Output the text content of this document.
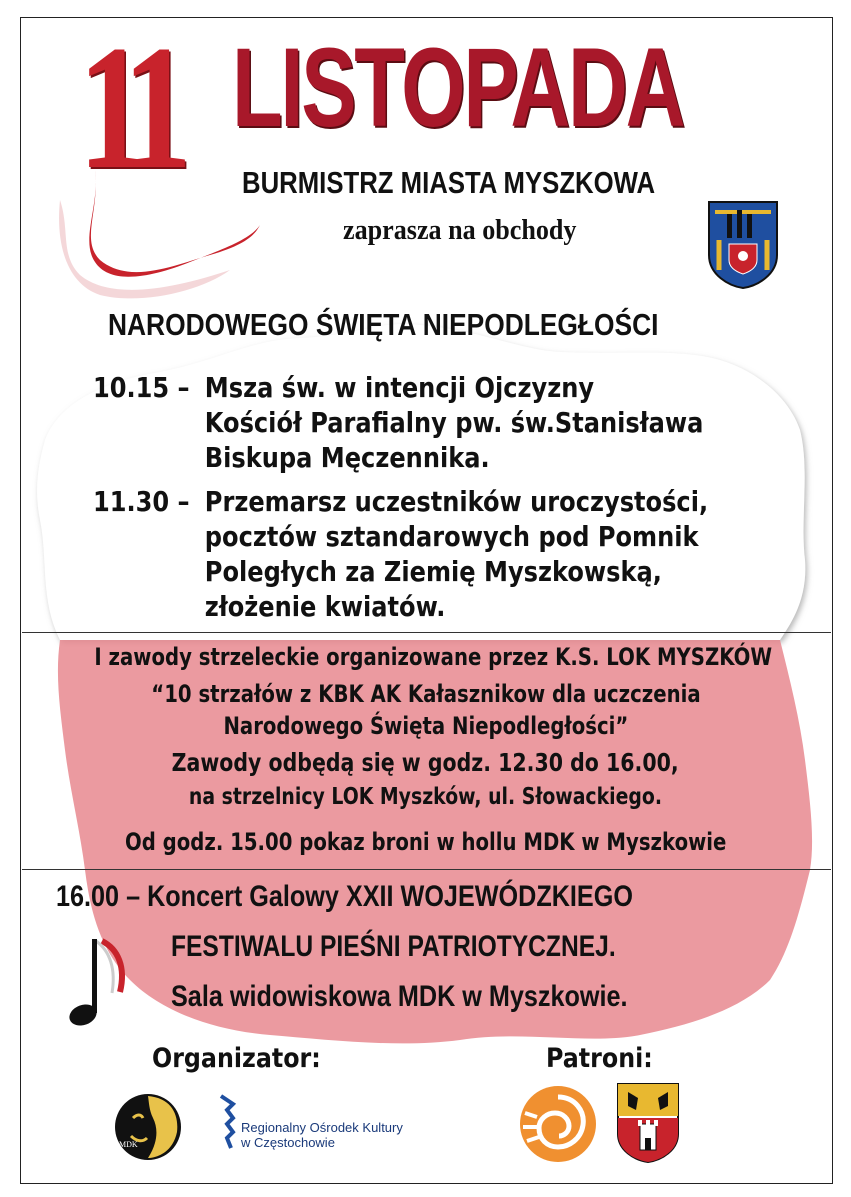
11 LISTOPADA
BURMISTRZ MIASTA MYSZKOWA
zaprasza na obchody
NARODOWEGO ŚWIĘTA NIEPODLEGŁOŚCI
10.15 – Msza św. w intencji Ojczyzny
Kościół Parafialny pw. św.Stanisława
Biskupa Męczennika.
11.30 – Przemarsz uczestników uroczystości,
pocztów sztandarowych pod Pomnik
Poległych za Ziemię Myszkowską,
złożenie kwiatów.
I zawody strzeleckie organizowane przez K.S. LOK MYSZKÓW
“10 strzałów z KBK AK Kałasznikow dla uczczenia
Narodowego Święta Niepodległości”
Zawody odbędą się w godz. 12.30 do 16.00,
na strzelnicy LOK Myszków, ul. Słowackiego.
Od godz. 15.00 pokaz broni w hollu MDK w Myszkowie
16.00 – Koncert Galowy XXII WOJEWÓDZKIEGO
FESTIWALU PIEŚNI PATRIOTYCZNEJ.
Sala widowiskowa MDK w Myszkowie.
Organizator:	Patroni:
MDK
Regionalny Ośrodek Kultury
w Częstochowie
